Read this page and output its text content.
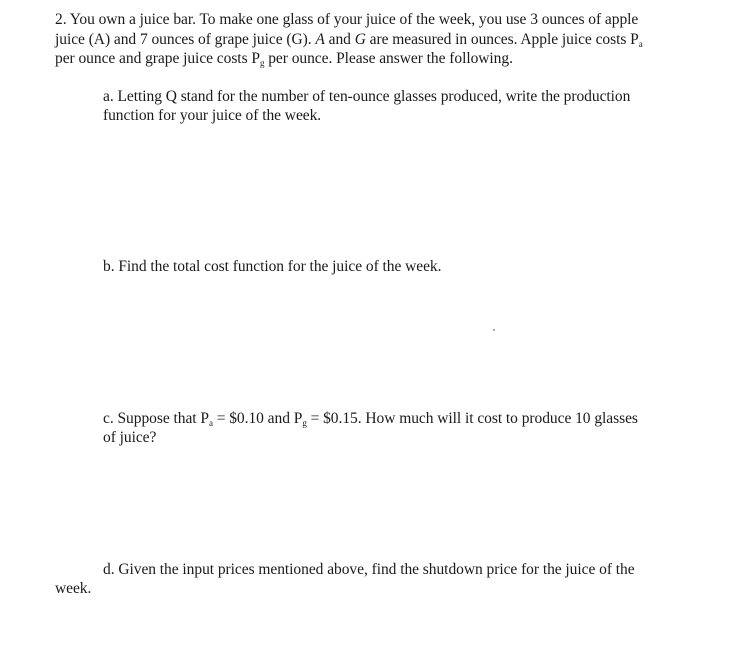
2. You own a juice bar. To make one glass of your juice of the week, you use 3 ounces of apple
juice (A) and 7 ounces of grape juice (G). A and G are measured in ounces. Apple juice costs $P_a$
per ounce and grape juice costs $P_g$ per ounce. Please answer the following.
a. Letting Q stand for the number of ten-ounce glasses produced, write the production
function for your juice of the week.
b. Find the total cost function for the juice of the week.
c. Suppose that $P_a$ = $0.10 and $P_g$ = $0.15. How much will it cost to produce 10 glasses
of juice?
d. Given the input prices mentioned above, find the shutdown price for the juice of the
week.
